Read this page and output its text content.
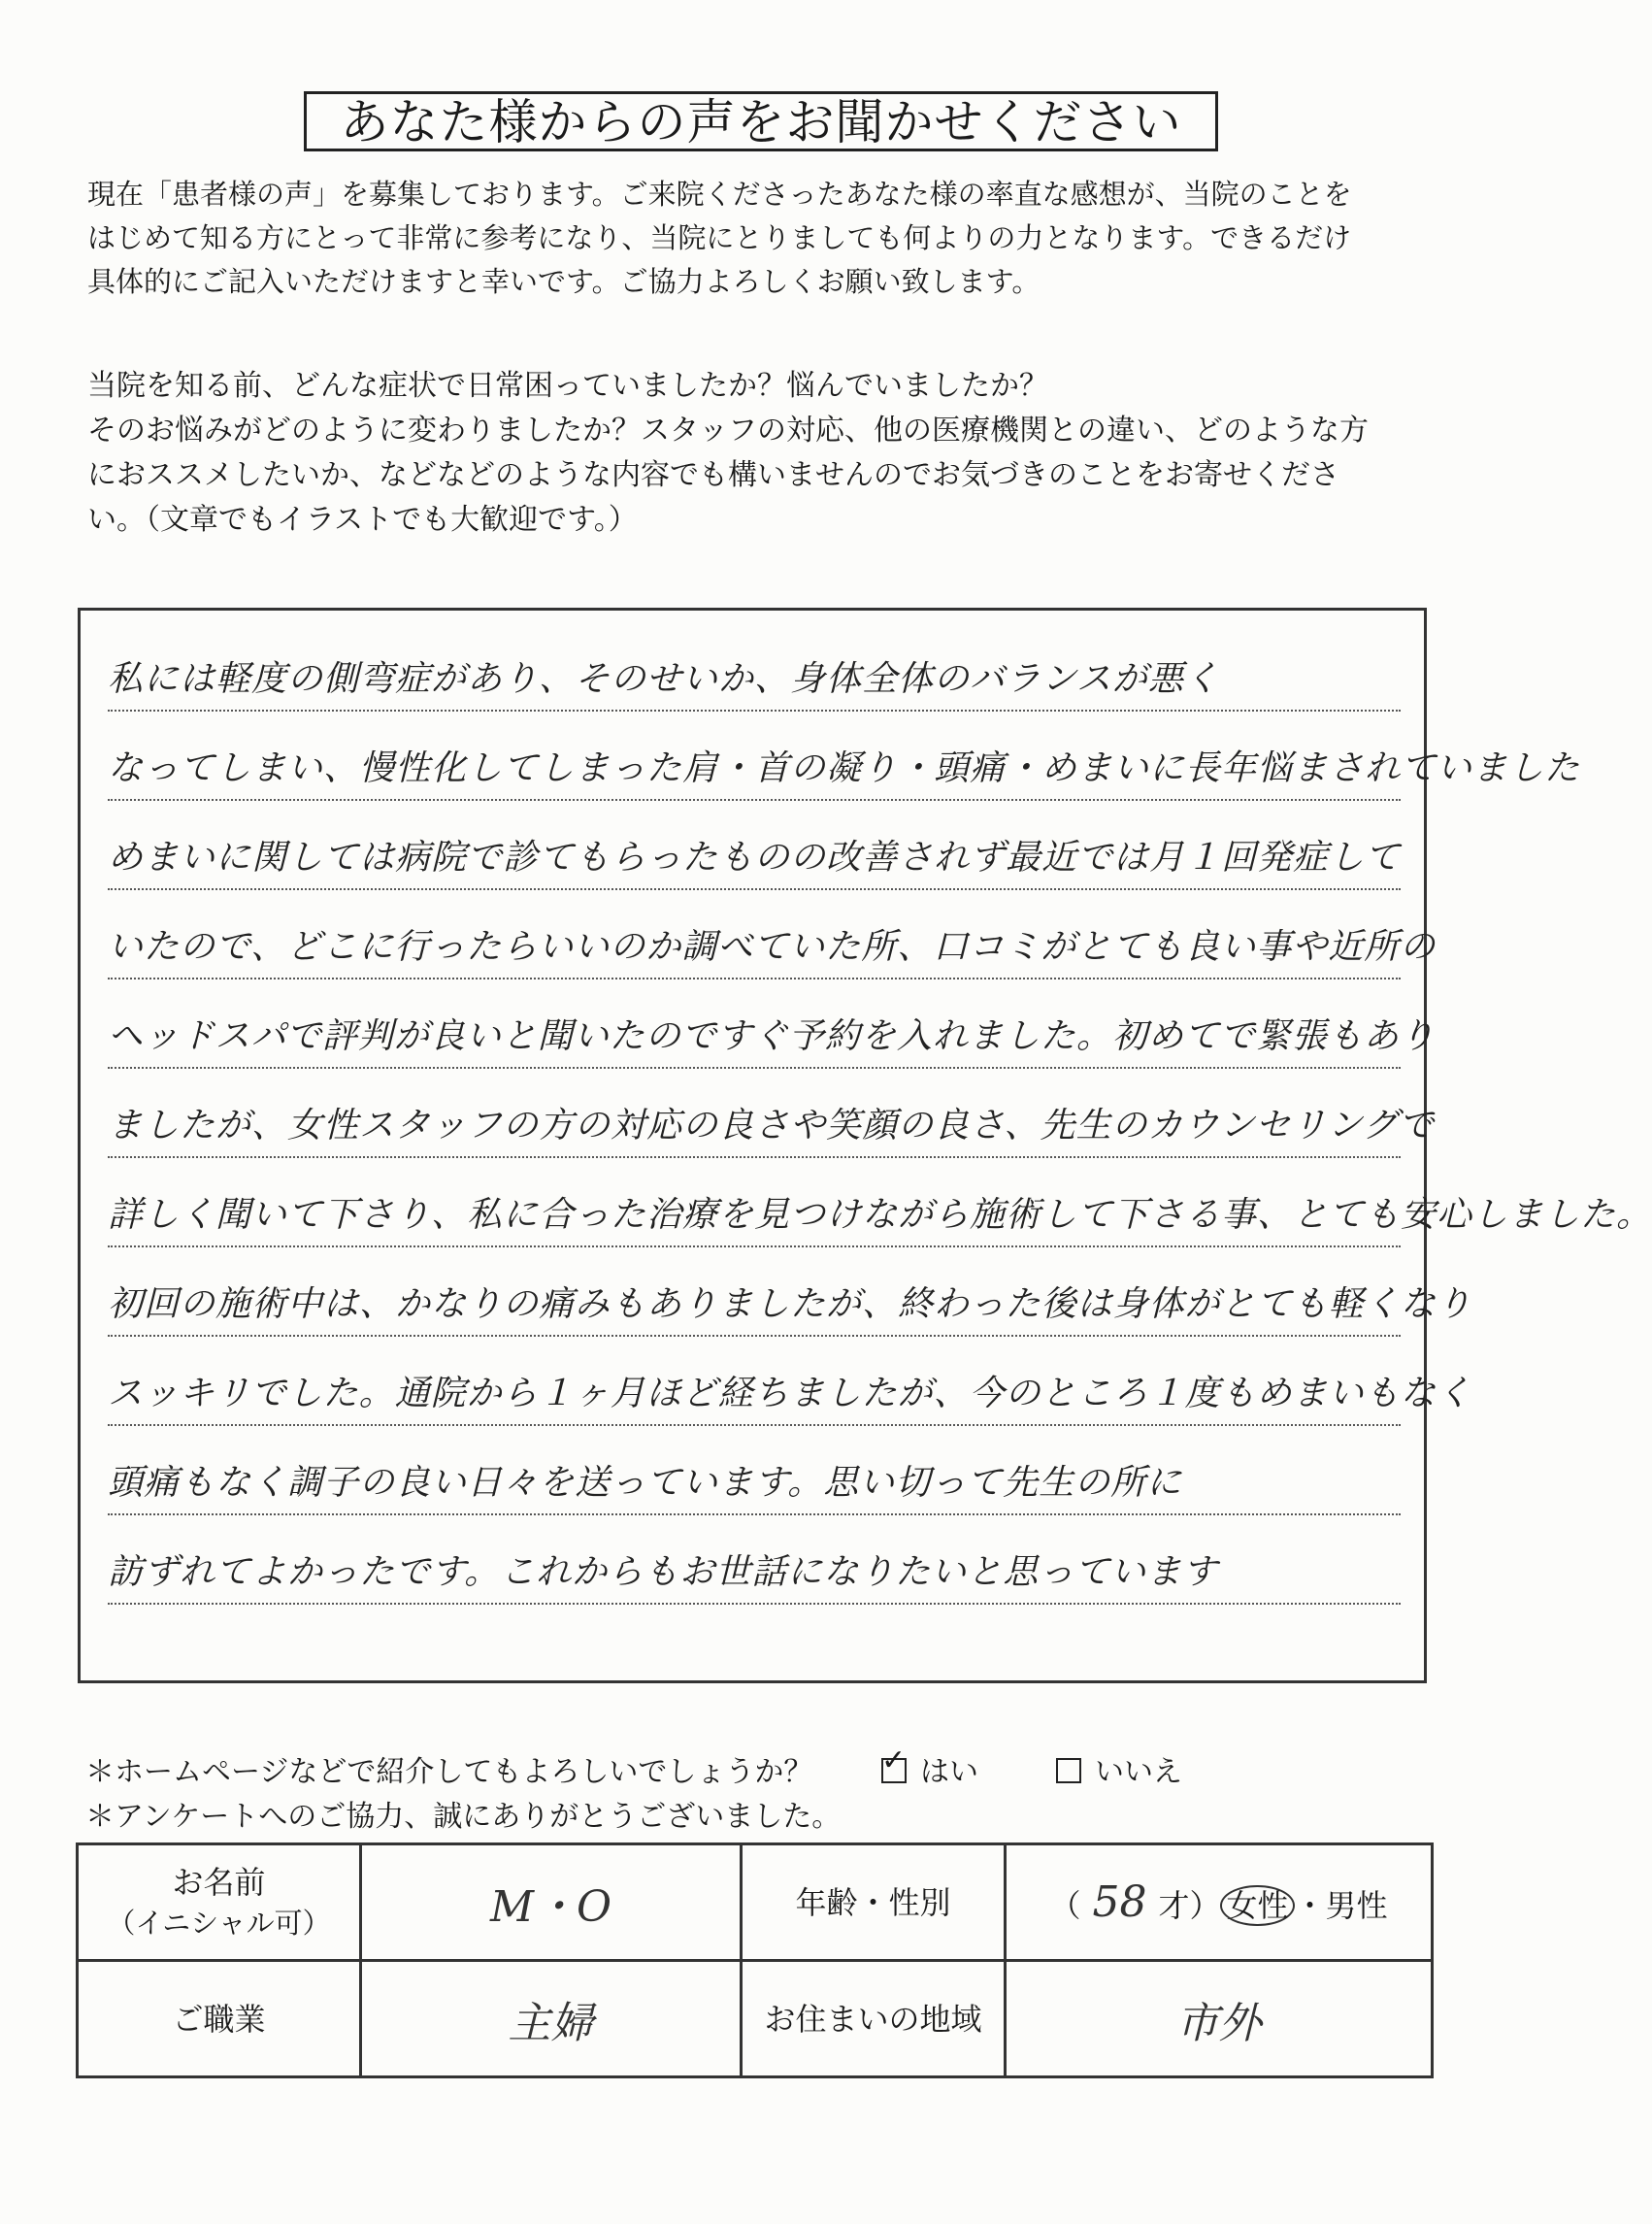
あなた様からの声をお聞かせください
現在「患者様の声」を募集しております。ご来院くださったあなた様の率直な感想が、当院のことを
はじめて知る方にとって非常に参考になり、当院にとりましても何よりの力となります。できるだけ
具体的にご記入いただけますと幸いです。ご協力よろしくお願い致します。
当院を知る前、どんな症状で日常困っていましたか？悩んでいましたか？
そのお悩みがどのように変わりましたか？スタッフの対応、他の医療機関との違い、どのような方
におススメしたいか、などなどのような内容でも構いませんのでお気づきのことをお寄せくださ
い。（文章でもイラストでも大歓迎です。）
私には軽度の側弯症があり、そのせいか、身体全体のバランスが悪く
なってしまい、慢性化してしまった肩・首の凝り・頭痛・めまいに長年悩まされていました
めまいに関しては病院で診てもらったものの改善されず最近では月１回発症して
いたので、どこに行ったらいいのか調べていた所、口コミがとても良い事や近所の
ヘッドスパで評判が良いと聞いたのですぐ予約を入れました。初めてで緊張もあり
ましたが、女性スタッフの方の対応の良さや笑顔の良さ、先生のカウンセリングで
詳しく聞いて下さり、私に合った治療を見つけながら施術して下さる事、とても安心しました。
初回の施術中は、かなりの痛みもありましたが、終わった後は身体がとても軽くなり
スッキリでした。通院から１ヶ月ほど経ちましたが、今のところ１度もめまいもなく
頭痛もなく調子の良い日々を送っています。思い切って先生の所に
訪ずれてよかったです。これからもお世話になりたいと思っています
＊ホームページなどで紹介してもよろしいでしょうか？ ✓ はい	いいえ
＊アンケートへのご協力、誠にありがとうございました。
お名前
（イニシャル可）	M・O	年齢・性別	（ 58 才） 女性 ・男性
ご職業	主婦	お住まいの地域	市外
